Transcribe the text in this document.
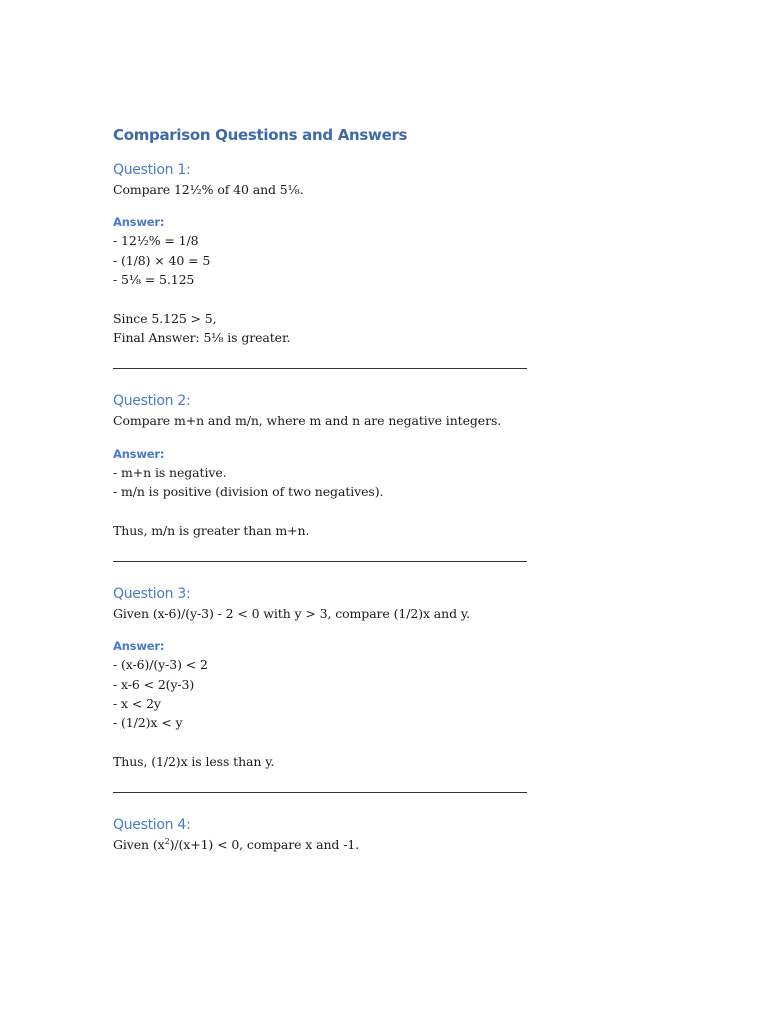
Comparison Questions and Answers
Question 1:
Compare 12½% of 40 and 5⅛.
Answer:
- 12½% = 1/8
- (1/8) × 40 = 5
- 5⅛ = 5.125
Since 5.125 > 5,
Final Answer: 5⅛ is greater.
Question 2:
Compare m+n and m/n, where m and n are negative integers.
Answer:
- m+n is negative.
- m/n is positive (division of two negatives).
Thus, m/n is greater than m+n.
Question 3:
Given (x-6)/(y-3) - 2 < 0 with y > 3, compare (1/2)x and y.
Answer:
- (x-6)/(y-3) < 2
- x-6 < 2(y-3)
- x < 2y
- (1/2)x < y
Thus, (1/2)x is less than y.
Question 4:
Given $(x^2)/(x+1) < 0$, compare x and -1.
